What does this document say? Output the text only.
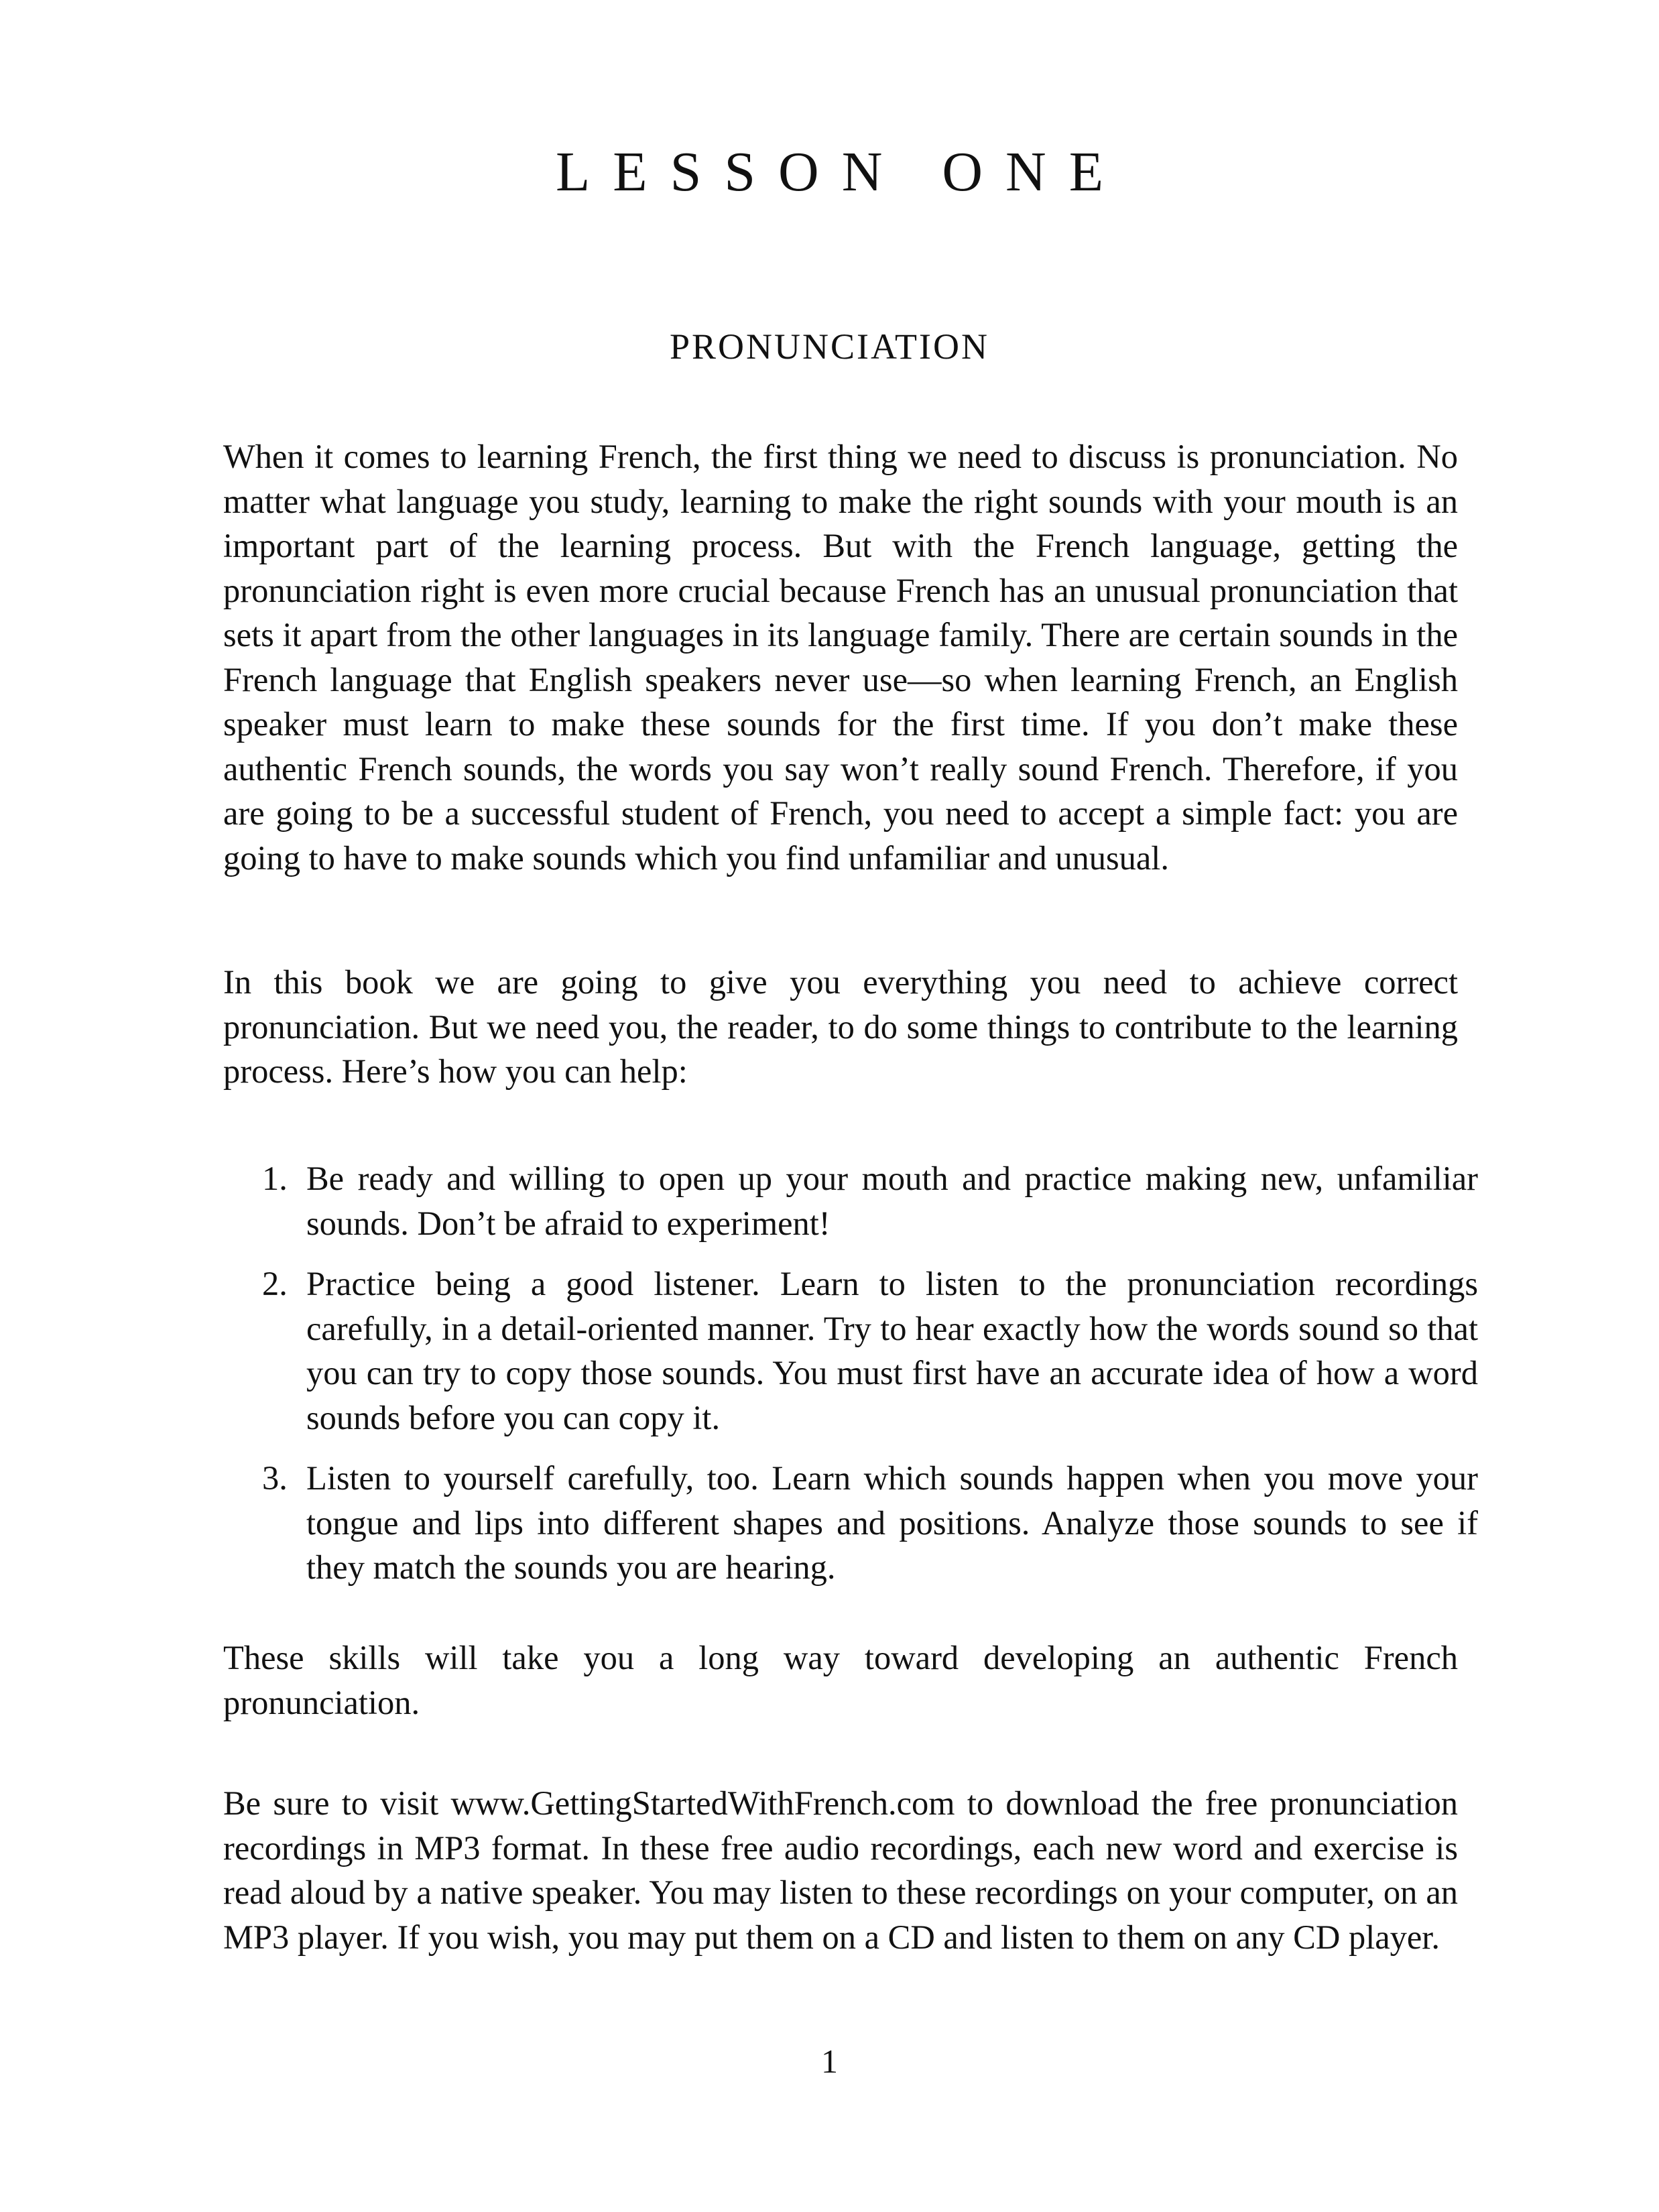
LESSON ONE
PRONUNCIATION

When it comes to learning French, the first thing we need to discuss is pronunciation. No matter what language you study, learning to make the right sounds with your mouth is an important part of the learning process. But with the French language, getting the pronunciation right is even more crucial because French has an unusual pronunciation that sets it apart from the other languages in its language family. There are certain sounds in the French language that English speakers never use—so when learning French, an English speaker must learn to make these sounds for the first time. If you don’t make these authentic French sounds, the words you say won’t really sound French. Therefore, if you are going to be a successful student of French, you need to accept a simple fact: you are going to have to make sounds which you find unfamiliar and unusual.

In this book we are going to give you everything you need to achieve correct pronunciation. But we need you, the reader, to do some things to contribute to the learning process. Here’s how you can help:

1. Be ready and willing to open up your mouth and practice making new, unfamiliar sounds. Don’t be afraid to experiment!
2. Practice being a good listener. Learn to listen to the pronunciation recordings carefully, in a detail-oriented manner. Try to hear exactly how the words sound so that you can try to copy those sounds. You must first have an accurate idea of how a word sounds before you can copy it.
3. Listen to yourself carefully, too. Learn which sounds happen when you move your tongue and lips into different shapes and positions. Analyze those sounds to see if they match the sounds you are hearing.

These skills will take you a long way toward developing an authentic French pronunciation.

Be sure to visit www.GettingStartedWithFrench.com to download the free pronunciation recordings in MP3 format. In these free audio recordings, each new word and exercise is read aloud by a native speaker. You may listen to these recordings on your computer, on an MP3 player. If you wish, you may put them on a CD and listen to them on any CD player.

1
